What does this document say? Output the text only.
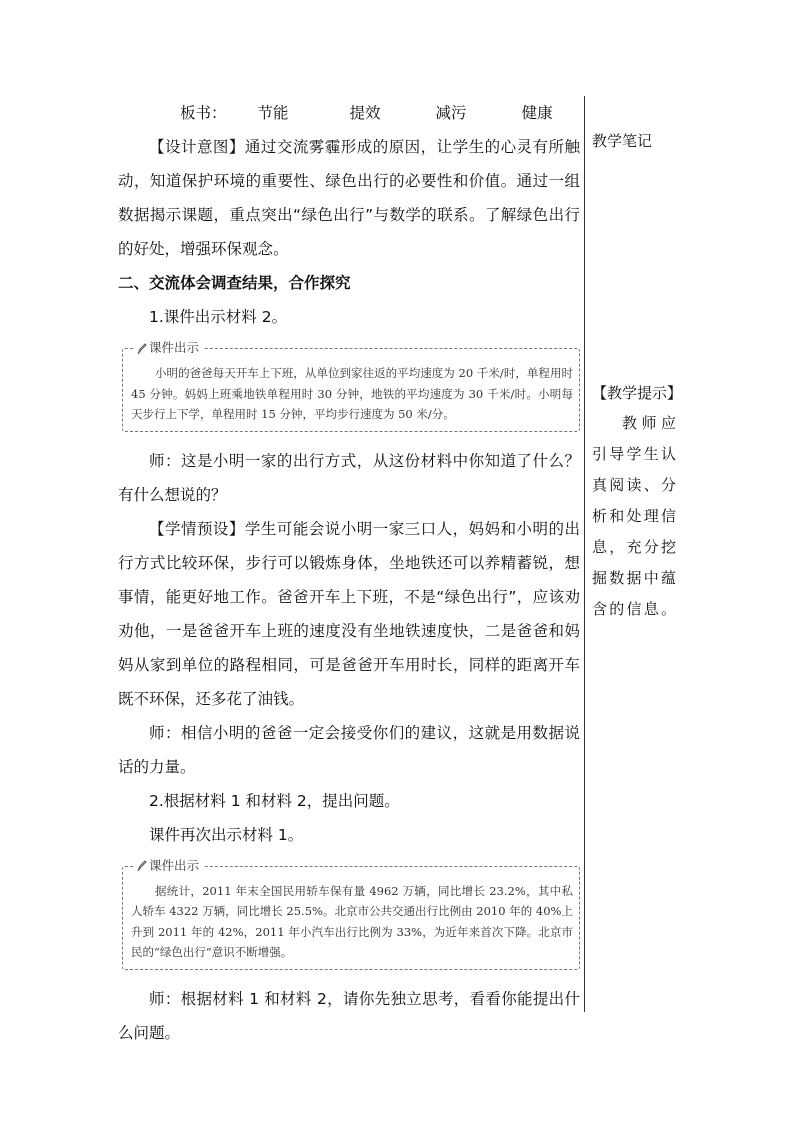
板书： 节能	提效	减污	健康

【设计意图】通过交流雾霾形成的原因，让学生的心灵有所触动，知道保护环境的重要性、绿色出行的必要性和价值。通过一组数据揭示课题，重点突出“绿色出行”与数学的联系。了解绿色出行的好处，增强环保观念。

二、交流体会调查结果，合作探究

1.课件出示材料 2。

课件出示

小明的爸爸每天开车上下班，从单位到家往返的平均速度为 20 千米/时，单程用时 45 分钟。妈妈上班乘地铁单程用时 30 分钟，地铁的平均速度为 30 千米/时。小明每天步行上下学，单程用时 15 分钟，平均步行速度为 50 米/分。

师：这是小明一家的出行方式，从这份材料中你知道了什么？有什么想说的？

【学情预设】学生可能会说小明一家三口人，妈妈和小明的出行方式比较环保，步行可以锻炼身体，坐地铁还可以养精蓄锐，想事情，能更好地工作。爸爸开车上下班，不是“绿色出行”，应该劝劝他，一是爸爸开车上班的速度没有坐地铁速度快，二是爸爸和妈妈从家到单位的路程相同，可是爸爸开车用时长，同样的距离开车既不环保，还多花了油钱。

师：相信小明的爸爸一定会接受你们的建议，这就是用数据说话的力量。

2.根据材料 1 和材料 2，提出问题。

课件再次出示材料 1。

课件出示

据统计，2011 年末全国民用轿车保有量 4962 万辆，同比增长 23.2%，其中私人轿车 4322 万辆，同比增长 25.5%。北京市公共交通出行比例由 2010 年的 40%上升到 2011 年的 42%，2011 年小汽车出行比例为 33%，为近年来首次下降。北京市民的“绿色出行”意识不断增强。

师：根据材料 1 和材料 2，请你先独立思考，看看你能提出什么问题。

教学笔记

【教学提示】
教师应引导学生认真阅读、分析和处理信息，充分挖掘数据中蕴含的信息。
